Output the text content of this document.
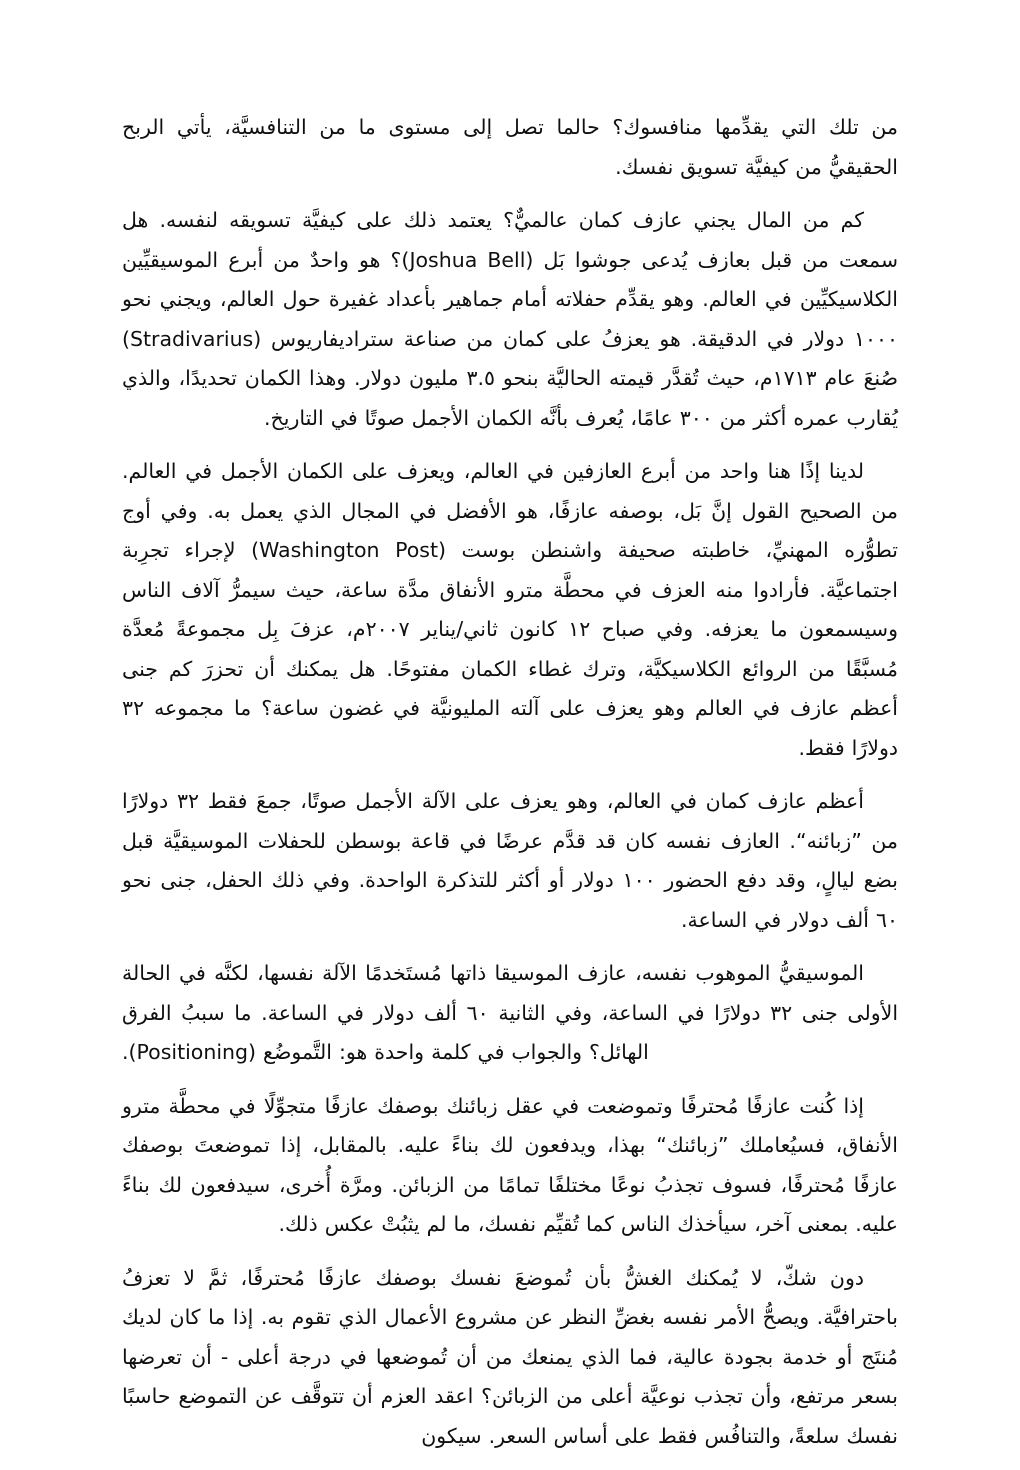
من تلك التي يقدِّمها منافسوك؟ حالما تصل إلى مستوى ما من التنافسيَّة، يأتي الربح الحقيقيُّ من كيفيَّة تسويق نفسك.

كم من المال يجني عازف كمان عالميٌّ؟ يعتمد ذلك على كيفيَّة تسويقه لنفسه. هل سمعت من قبل بعازف يُدعى جوشوا بَل (Joshua Bell)؟ هو واحدٌ من أبرع الموسيقيِّين الكلاسيكيِّين في العالم. وهو يقدِّم حفلاته أمام جماهير بأعداد غفيرة حول العالم، ويجني نحو ١٠٠٠ دولار في الدقيقة. هو يعزفُ على كمان من صناعة ستراديفاريوس (Stradivarius) صُنعَ عام ١٧١٣م، حيث تُقدَّر قيمته الحاليَّة بنحو ٣.٥ مليون دولار. وهذا الكمان تحديدًا، والذي يُقارب عمره أكثر من ٣٠٠ عامًا، يُعرف بأنَّه الكمان الأجمل صوتًا في التاريخ.

لدينا إذًا هنا واحد من أبرع العازفين في العالم، ويعزف على الكمان الأجمل في العالم. من الصحيح القول إنَّ بَل، بوصفه عازفًا، هو الأفضل في المجال الذي يعمل به. وفي أوج تطوُّره المهنيِّ، خاطبته صحيفة واشنطن بوست (Washington Post) لإجراء تجرِبة اجتماعيَّة. فأرادوا منه العزف في محطَّة مترو الأنفاق مدَّة ساعة، حيث سيمرُّ آلاف الناس وسيسمعون ما يعزفه. وفي صباح ١٢ كانون ثاني/يناير ٢٠٠٧م، عزفَ بِل مجموعةً مُعدَّة مُسبَّقًا من الروائع الكلاسيكيَّة، وترك غطاء الكمان مفتوحًا. هل يمكنك أن تحزرَ كم جنى أعظم عازف في العالم وهو يعزف على آلته المليونيَّة في غضون ساعة؟ ما مجموعه ٣٢ دولارًا فقط.

أعظم عازف كمان في العالم، وهو يعزف على الآلة الأجمل صوتًا، جمعَ فقط ٣٢ دولارًا من ”زبائنه“. العازف نفسه كان قد قدَّم عرضًا في قاعة بوسطن للحفلات الموسيقيَّة قبل بضع ليالٍ، وقد دفع الحضور ١٠٠ دولار أو أكثر للتذكرة الواحدة. وفي ذلك الحفل، جنى نحو ٦٠ ألف دولار في الساعة.

الموسيقيُّ الموهوب نفسه، عازف الموسيقا ذاتها مُستَخدمًا الآلة نفسها، لكنَّه في الحالة الأولى جنى ٣٢ دولارًا في الساعة، وفي الثانية ٦٠ ألف دولار في الساعة. ما سببُ الفرق الهائل؟ والجواب في كلمة واحدة هو: التَّموضُع (Positioning).

إذا كُنت عازفًا مُحترفًا وتموضعت في عقل زبائنك بوصفك عازفًا متجوِّلًا في محطَّة مترو الأنفاق، فسيُعاملك ”زبائنك“ بهذا، ويدفعون لك بناءً عليه. بالمقابل، إذا تموضعتَ بوصفك عازفًا مُحترفًا، فسوف تجذبُ نوعًا مختلفًا تمامًا من الزبائن. ومرَّة أُخرى، سيدفعون لك بناءً عليه. بمعنى آخر، سيأخذك الناس كما تُقيِّم نفسك، ما لم يثبُتْ عكس ذلك.

دون شكّ، لا يُمكنك الغشُّ بأن تُموضعَ نفسك بوصفك عازفًا مُحترفًا، ثمَّ لا تعزفُ باحترافيَّة. ويصحُّ الأمر نفسه بغضِّ النظر عن مشروع الأعمال الذي تقوم به. إذا ما كان لديك مُنتَج أو خدمة بجودة عالية، فما الذي يمنعك من أن تُموضعها في درجة أعلى - أن تعرضها بسعر مرتفع، وأن تجذب نوعيَّة أعلى من الزبائن؟ اعقد العزم أن تتوقَّف عن التموضع حاسبًا نفسك سلعةً، والتنافُس فقط على أساس السعر. سيكون
